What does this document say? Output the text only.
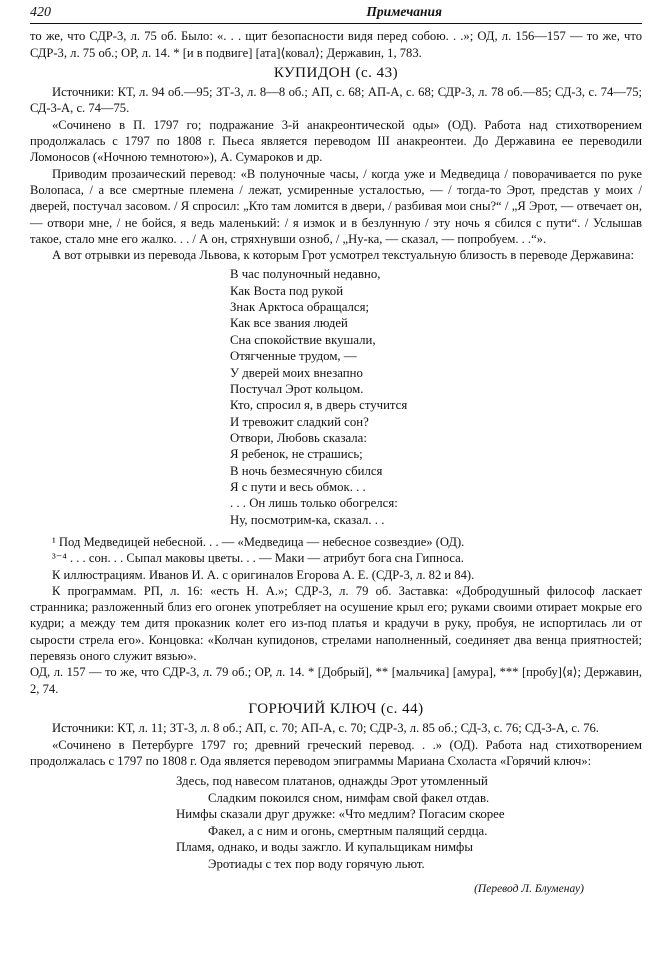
420	Примечания

то же, что СДР-3, л. 75 об. Было: «. . . щит безопасности видя перед собою. . .»; ОД, л. 156—157 — то же, что СДР-3, л. 75 об.; ОР, л. 14. * [и в подвиге] [ата]⟨ковал⟩; Державин, 1, 783.

КУПИДОН (с. 43)

Источники: КТ, л. 94 об.—95; ЗТ-3, л. 8—8 об.; АП, с. 68; АП-А, с. 68; СДР-3, л. 78 об.—85; СД-3, с. 74—75; СД-3-А, с. 74—75.

«Сочинено в П. 1797 го; подражание 3-й анакреонтической оды» (ОД). Работа над стихотворением продолжалась с 1797 по 1808 г. Пьеса является переводом III анакреонтеи. До Державина ее переводили Ломоносов («Ночною темнотою»), А. Сумароков и др.

Приводим прозаический перевод: «В полуночные часы, / когда уже и Медведица / поворачивается по руке Волопаса, / а все смертные племена / лежат, усмиренные усталостью, — / тогда-то Эрот, представ у моих / дверей, постучал засовом. / Я спросил: „Кто там ломится в двери, / разбивая мои сны?“ / „Я Эрот, — отвечает он, — отвори мне, / не бойся, я ведь маленький: / я измок и в безлунную / эту ночь я сбился с пути“. / Услышав такое, стало мне его жалко. . . / А он, стряхнувши озноб, / „Ну-ка, — сказал, — попробуем. . .“».

А вот отрывки из перевода Львова, к которым Грот усмотрел текстуальную близость в переводе Державина:

В час полуночный недавно,
Как Воста под рукой
Знак Арктоса обращался;
Как все звания людей
Сна спокойствие вкушали,
Отягченные трудом, —
У дверей моих внезапно
Постучал Эрот кольцом.
Кто, спросил я, в дверь стучится
И тревожит сладкий сон?
Отвори, Любовь сказала:
Я ребенок, не страшись;
В ночь безмесячную сбился
Я с пути и весь обмок. . .
. . . Он лишь только обогрелся:
Ну, посмотрим-ка, сказал. . .

¹ Под Медведицей небесной. . . — «Медведица — небесное созвездие» (ОД).

³⁻⁴ . . . сон. . . Сыпал маковы цветы. . . — Маки — атрибут бога сна Гипноса.

К иллюстрациям. Иванов И. А. с оригиналов Егорова А. Е. (СДР-3, л. 82 и 84).

К программам. РП, л. 16: «есть Н. А.»; СДР-3, л. 79 об. Заставка: «Добродушный философ ласкает странника; разложенный близ его огонек употребляет на осушение крыл его; руками своими отирает мокрые его кудри; а между тем дитя проказник колет его из-под платья и крадучи в руку, пробуя, не испортилась ли от сырости стрела его». Концовка: «Колчан купидонов, стрелами наполненный, соединяет два венца приятностей; перевязь оного служит вязью».

ОД, л. 157 — то же, что СДР-3, л. 79 об.; ОР, л. 14. * [Добрый], ** [мальчика] [амура], *** [пробу]⟨я⟩; Державин, 2, 74.

ГОРЮЧИЙ КЛЮЧ (с. 44)

Источники: КТ, л. 11; ЗТ-3, л. 8 об.; АП, с. 70; АП-А, с. 70; СДР-3, л. 85 об.; СД-3, с. 76; СД-3-А, с. 76.

«Сочинено в Петербурге 1797 го; древний греческий перевод. . .» (ОД). Работа над стихотворением продолжалась с 1797 по 1808 г. Ода является переводом эпиграммы Мариана Схоласта «Горячий ключ»:

Здесь, под навесом платанов, однажды Эрот утомленный
Сладким покоился сном, нимфам свой факел отдав.
Нимфы сказали друг дружке: «Что медлим? Погасим скорее
Факел, а с ним и огонь, смертным палящий сердца.
Пламя, однако, и воды зажгло. И купальщикам нимфы
Эротиады с тех пор воду горячую льют.
(Перевод Л. Блуменау)
